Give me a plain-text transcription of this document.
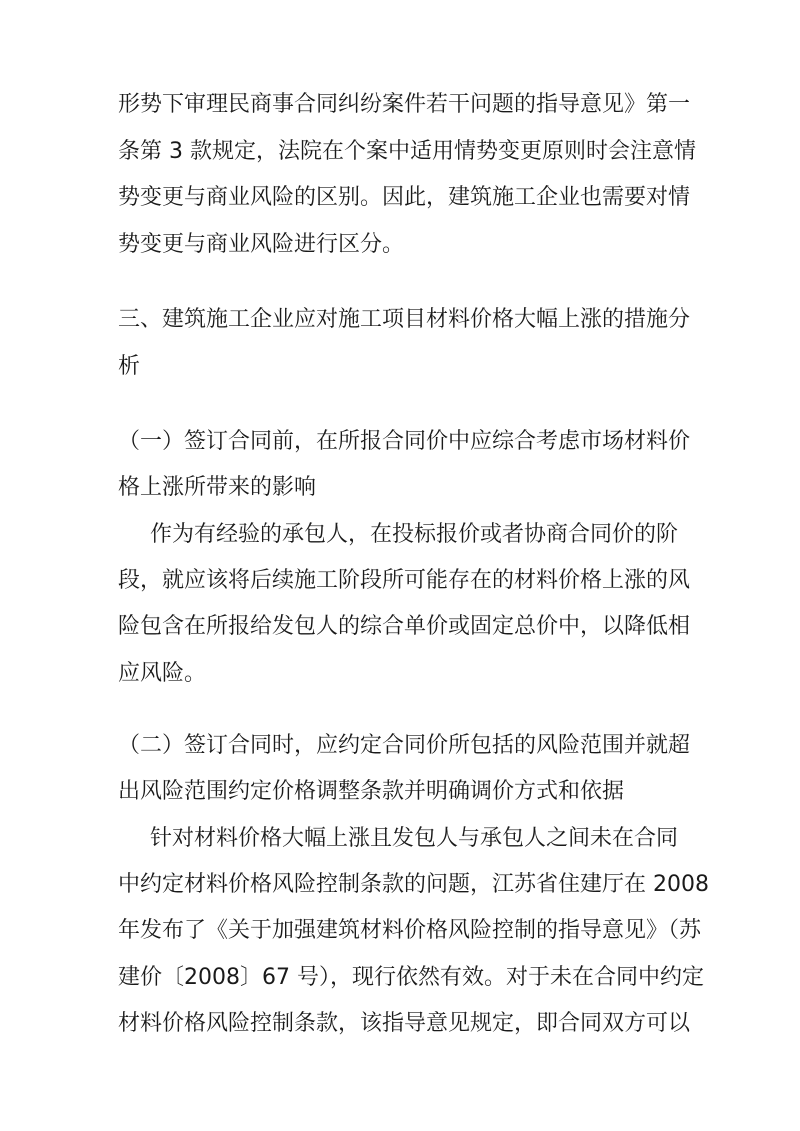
形势下审理民商事合同纠纷案件若干问题的指导意见》第一

条第 3 款规定，法院在个案中适用情势变更原则时会注意情

势变更与商业风险的区别。因此，建筑施工企业也需要对情

势变更与商业风险进行区分。

三、建筑施工企业应对施工项目材料价格大幅上涨的措施分

析

（一）签订合同前，在所报合同价中应综合考虑市场材料价

格上涨所带来的影响

作为有经验的承包人，在投标报价或者协商合同价的阶

段，就应该将后续施工阶段所可能存在的材料价格上涨的风

险包含在所报给发包人的综合单价或固定总价中，以降低相

应风险。

（二）签订合同时，应约定合同价所包括的风险范围并就超

出风险范围约定价格调整条款并明确调价方式和依据

针对材料价格大幅上涨且发包人与承包人之间未在合同

中约定材料价格风险控制条款的问题，江苏省住建厅在 2008

年发布了《关于加强建筑材料价格风险控制的指导意见》（苏

建价〔2008〕67 号），现行依然有效。对于未在合同中约定

材料价格风险控制条款，该指导意见规定，即合同双方可以
